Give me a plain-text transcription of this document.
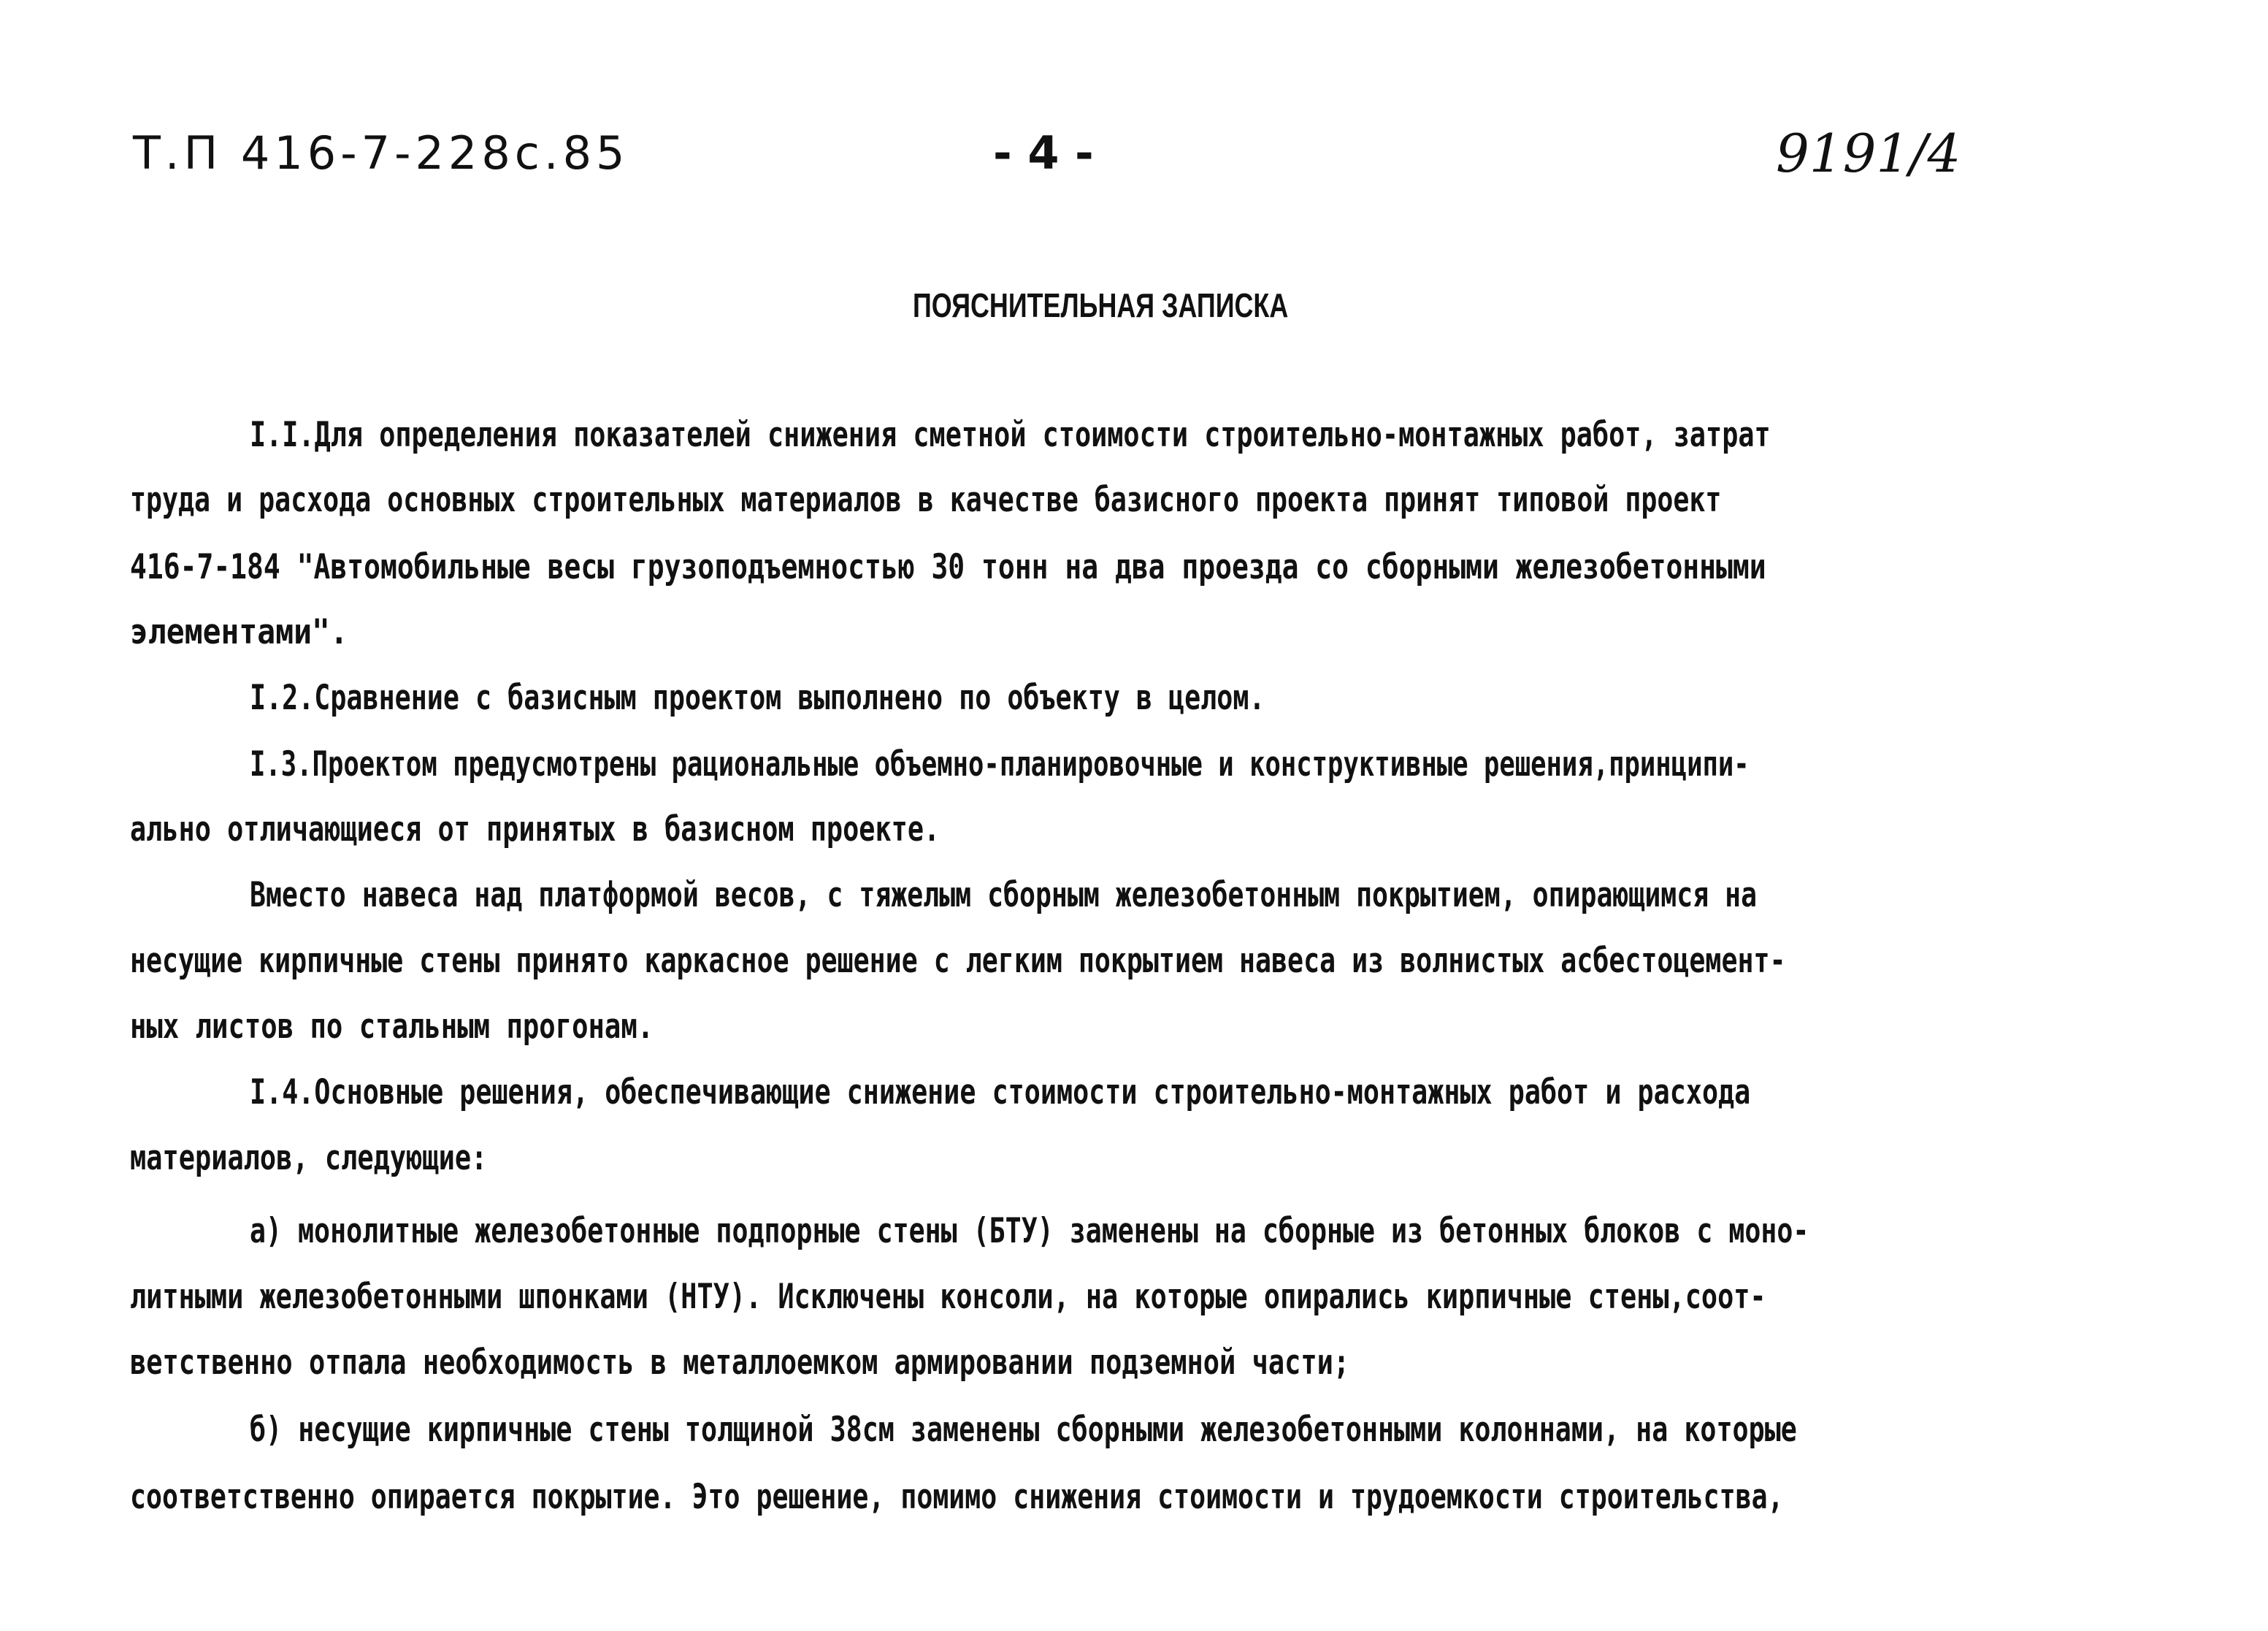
Т.П 416-7-228с.85	- 4 -	9191/4
ПОЯСНИТЕЛЬНАЯ ЗАПИСКА
I.I.Для определения показателей снижения сметной стоимости строительно-монтажных работ, затрат
труда и расхода основных строительных материалов в качестве базисного проекта принят типовой проект
416-7-184 "Автомобильные весы грузоподъемностью 30 тонн на два проезда со сборными железобетонными
элементами".
I.2.Сравнение с базисным проектом выполнено по объекту в целом.
I.3.Проектом предусмотрены рациональные объемно-планировочные и конструктивные решения,принципи-
ально отличающиеся от принятых в базисном проекте.
Вместо навеса над платформой весов, с тяжелым сборным железобетонным покрытием, опирающимся на
несущие кирпичные стены принято каркасное решение с легким покрытием навеса из волнистых асбестоцемент-
ных листов по стальным прогонам.
I.4.Основные решения, обеспечивающие снижение стоимости строительно-монтажных работ и расхода
материалов, следующие:
а) монолитные железобетонные подпорные стены (БТУ) заменены на сборные из бетонных блоков с моно-
литными железобетонными шпонками (НТУ). Исключены консоли, на которые опирались кирпичные стены,соот-
ветственно отпала необходимость в металлоемком армировании подземной части;
б) несущие кирпичные стены толщиной 38см заменены сборными железобетонными колоннами, на которые
соответственно опирается покрытие. Это решение, помимо снижения стоимости и трудоемкости строительства,
